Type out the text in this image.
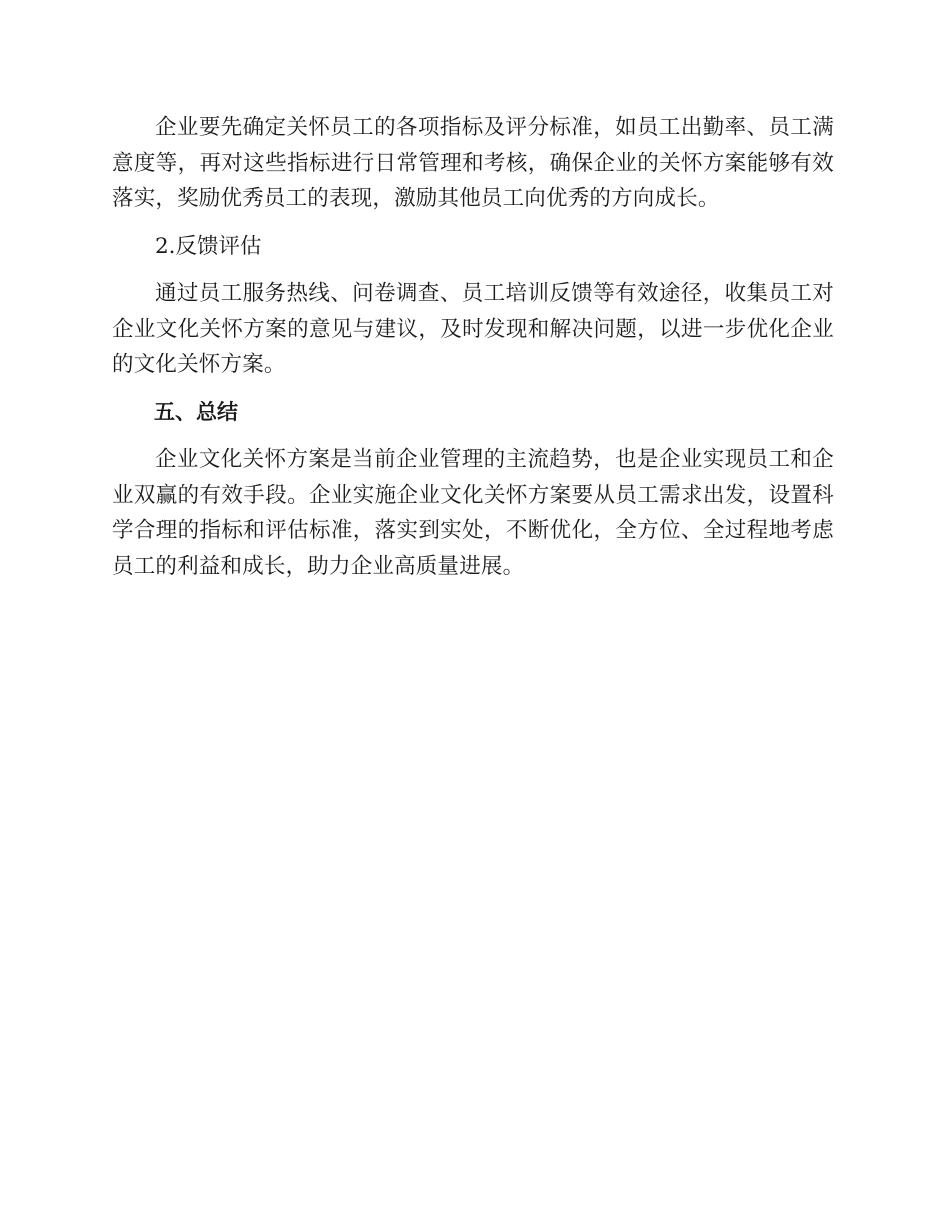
企业要先确定关怀员工的各项指标及评分标准，如员工出勤率、员工满意度等，再对这些指标进行日常管理和考核，确保企业的关怀方案能够有效落实，奖励优秀员工的表现，激励其他员工向优秀的方向成长。

2.反馈评估

通过员工服务热线、问卷调查、员工培训反馈等有效途径，收集员工对企业文化关怀方案的意见与建议，及时发现和解决问题，以进一步优化企业的文化关怀方案。

五、总结

企业文化关怀方案是当前企业管理的主流趋势，也是企业实现员工和企业双赢的有效手段。企业实施企业文化关怀方案要从员工需求出发，设置科学合理的指标和评估标准，落实到实处，不断优化，全方位、全过程地考虑员工的利益和成长，助力企业高质量进展。
